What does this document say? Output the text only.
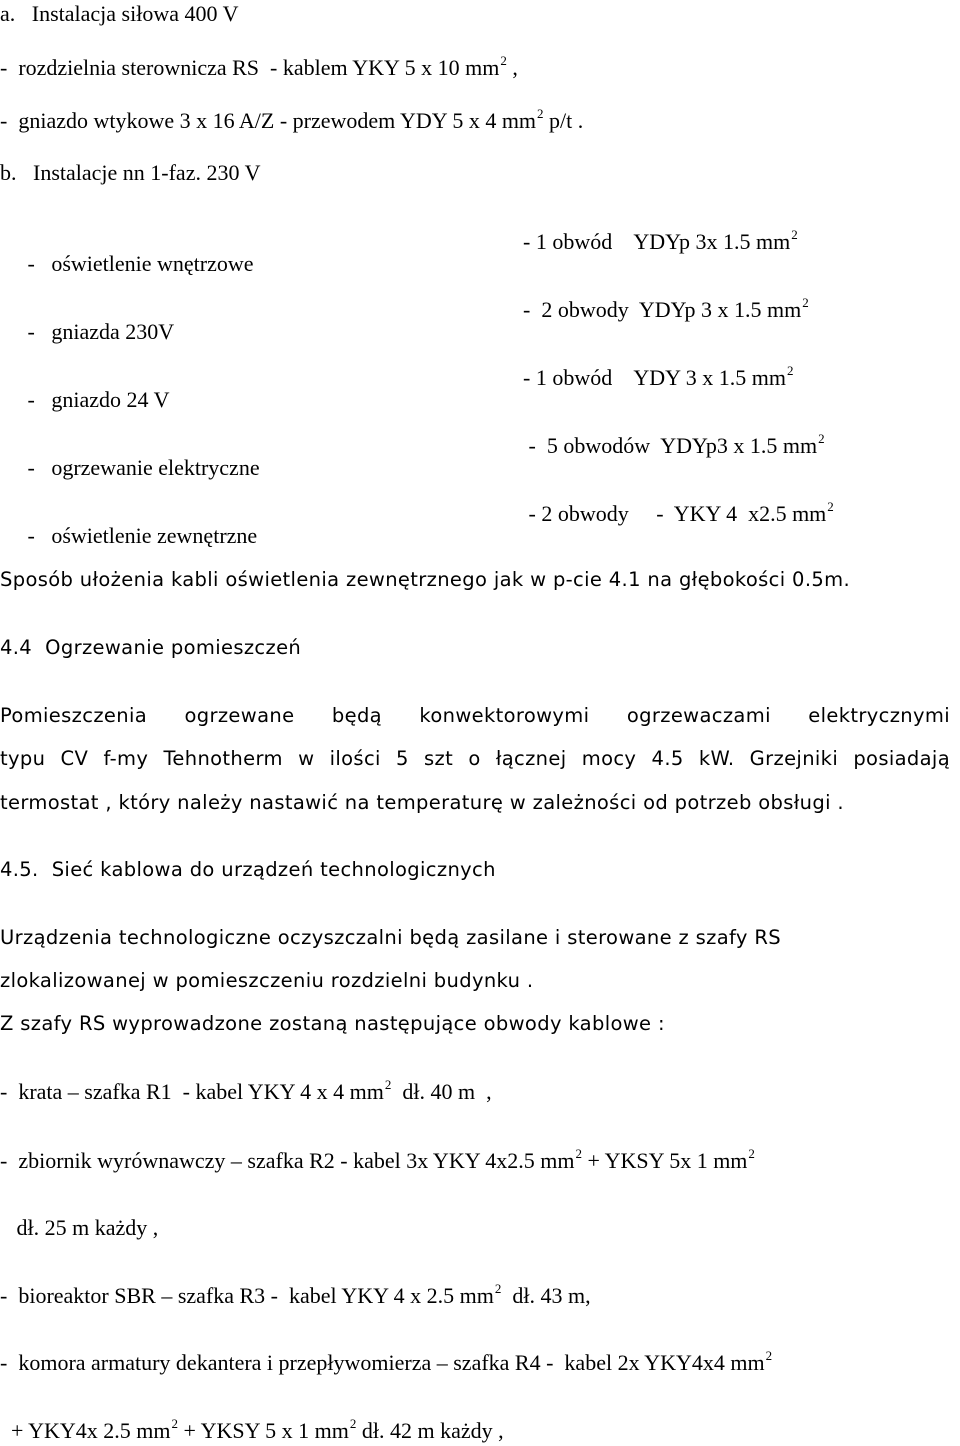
a.   Instalacja siłowa 400 V
-  rozdzielnia sterownicza RS  - kablem YKY 5 x 10 $mm^2$ ,
-  gniazdo wtykowe 3 x 16 A/Z - przewodem YDY 5 x 4 $mm^2$ p/t .
b.   Instalacje nn 1-faz. 230 V

-   oświetlenie wnętrzowe

- 1 obwód    YDYp 3x 1.5 $mm^2$

-   gniazda 230V

-  2 obwody  YDYp 3 x 1.5 $mm^2$

-   gniazdo 24 V

- 1 obwód    YDY 3 x 1.5 $mm^2$

-   ogrzewanie elektryczne

-  5 obwodów  YDYp3 x 1.5 $mm^2$

-   oświetlenie zewnętrzne

- 2 obwody     -  YKY 4  x2.5 $mm^2$

Sposób ułożenia kabli oświetlenia zewnętrznego jak w p-cie 4.1 na głębokości 0.5m.
4.4  Ogrzewanie pomieszczeń
Pomieszczenia ogrzewane będą konwektorowymi ogrzewaczami elektrycznymi
typu CV f-my Tehnotherm w ilości 5 szt o łącznej mocy 4.5 kW. Grzejniki posiadają
termostat , który należy nastawić na temperaturę w zależności od potrzeb obsługi .
4.5.  Sieć kablowa do urządzeń technologicznych
Urządzenia technologiczne oczyszczalni będą zasilane i sterowane z szafy RS
zlokalizowanej w pomieszczeniu rozdzielni budynku .
Z szafy RS wyprowadzone zostaną następujące obwody kablowe :
-  krata – szafka R1  - kabel YKY 4 x 4 $mm^2$  dł. 40 m  ,
-  zbiornik wyrównawczy – szafka R2 - kabel 3x YKY 4x2.5 $mm^2$ + YKSY 5x 1 $mm^2$
dł. 25 m każdy ,
-  bioreaktor SBR – szafka R3 -  kabel YKY 4 x 2.5 $mm^2$  dł. 43 m,
-  komora armatury dekantera i przepływomierza – szafka R4 -  kabel 2x YKY4x4 $mm^2$
+ YKY4x 2.5 $mm^2$ + YKSY 5 x 1 $mm^2$ dł. 42 m każdy ,
